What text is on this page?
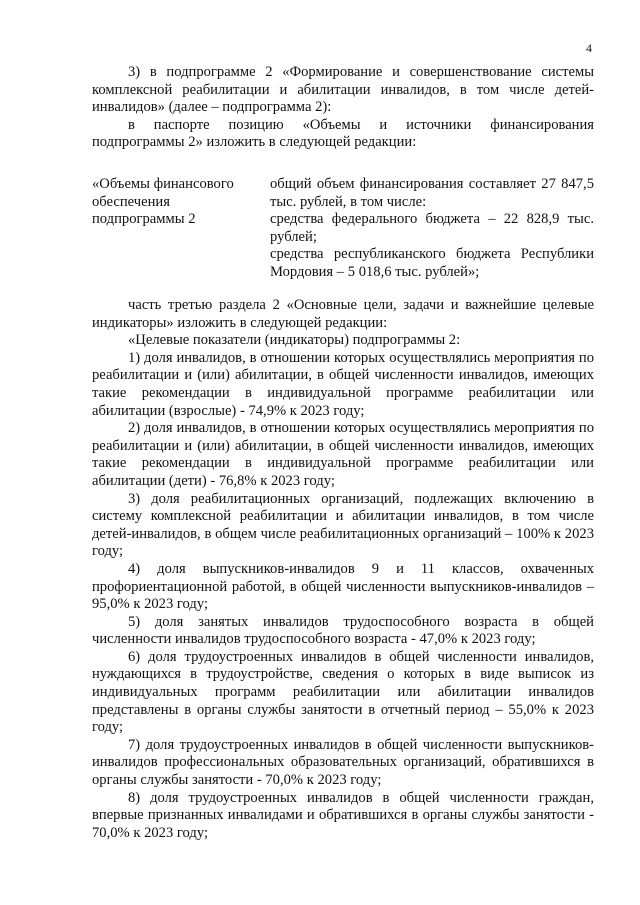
4

3) в подпрограмме 2 «Формирование и совершенствование системы комплексной реабилитации и абилитации инвалидов, в том числе детей-инвалидов» (далее – подпрограмма 2):

в паспорте позицию «Объемы и источники финансирования подпрограммы 2» изложить в следующей редакции:

«Объемы финансового обеспечения подпрограммы 2

общий объем финансирования составляет 27 847,5 тыс. рублей, в том числе:

средства федерального бюджета – 22 828,9 тыс. рублей;

средства республиканского бюджета Республики Мордовия – 5 018,6 тыс. рублей»;

часть третью раздела 2 «Основные цели, задачи и важнейшие целевые индикаторы» изложить в следующей редакции:

«Целевые показатели (индикаторы) подпрограммы 2:

1) доля инвалидов, в отношении которых осуществлялись мероприятия по реабилитации и (или) абилитации, в общей численности инвалидов, имеющих такие рекомендации в индивидуальной программе реабилитации или абилитации (взрослые) - 74,9% к 2023 году;

2) доля инвалидов, в отношении которых осуществлялись мероприятия по реабилитации и (или) абилитации, в общей численности инвалидов, имеющих такие рекомендации в индивидуальной программе реабилитации или абилитации (дети) - 76,8% к 2023 году;

3) доля реабилитационных организаций, подлежащих включению в систему комплексной реабилитации и абилитации инвалидов, в том числе детей-инвалидов, в общем числе реабилитационных организаций – 100% к 2023 году;

4) доля выпускников-инвалидов 9 и 11 классов, охваченных профориентационной работой, в общей численности выпускников-инвалидов – 95,0% к 2023 году;

5) доля занятых инвалидов трудоспособного возраста в общей численности инвалидов трудоспособного возраста - 47,0% к 2023 году;

6) доля трудоустроенных инвалидов в общей численности инвалидов, нуждающихся в трудоустройстве, сведения о которых в виде выписок из индивидуальных программ реабилитации или абилитации инвалидов представлены в органы службы занятости в отчетный период – 55,0% к 2023 году;

7) доля трудоустроенных инвалидов в общей численности выпускников-инвалидов профессиональных образовательных организаций, обратившихся в органы службы занятости - 70,0% к 2023 году;

8) доля трудоустроенных инвалидов в общей численности граждан, впервые признанных инвалидами и обратившихся в органы службы занятости - 70,0% к 2023 году;
